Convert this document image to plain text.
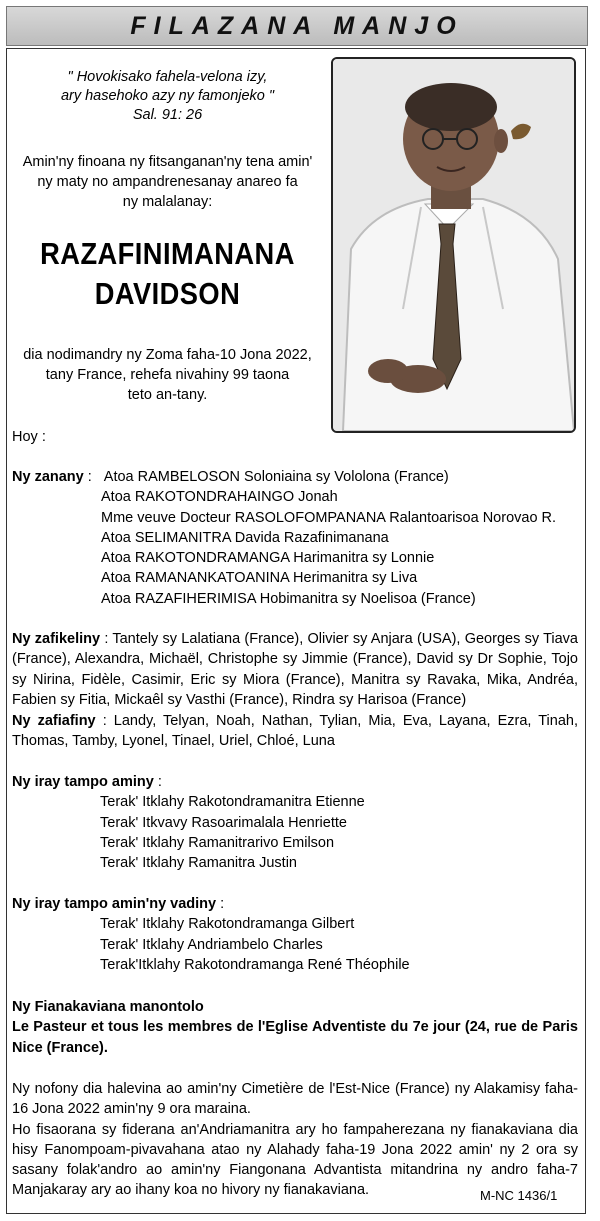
FILAZANA MANJO
" Hovokisako fahela-velona izy,
ary hasehoko azy ny famonjeko "
Sal. 91: 26
Amin'ny finoana ny fitsanganan'ny tena amin'
ny maty no ampandrenesanay anareo fa
ny malalanay:
RAZAFINIMANANA
DAVIDSON
dia nodimandry ny Zoma faha-10 Jona 2022,
tany France, rehefa nivahiny 99 taona
teto an-tany.
Hoy :
Ny zanany : Atoa RAMBELOSON Soloniaina sy Vololona (France)
Atoa RAKOTONDRAHAINGO Jonah
Mme veuve Docteur RASOLOFOMPANANA Ralantoarisoa Norovao R.
Atoa SELIMANITRA Davida Razafinimanana
Atoa RAKOTONDRAMANGA Harimanitra sy Lonnie
Atoa RAMANANKATOANINA Herimanitra sy Liva
Atoa RAZAFIHERIMISA Hobimanitra sy Noelisoa (France)
Ny zafikeliny : Tantely sy Lalatiana (France), Olivier sy Anjara (USA), Georges sy Tiava (France), Alexandra, Michaël, Christophe sy Jimmie (France), David sy Dr Sophie, Tojo sy Nirina, Fidèle, Casimir, Eric sy Miora (France), Manitra sy Ravaka, Mika, Andréa, Fabien sy Fitia, Mickaêl sy Vasthi (France), Rindra sy Harisoa (France)
Ny zafiafiny : Landy, Telyan, Noah, Nathan, Tylian, Mia, Eva, Layana, Ezra, Tinah, Thomas, Tamby, Lyonel, Tinael, Uriel, Chloé, Luna
Ny iray tampo aminy :
Terak' Itklahy Rakotondramanitra Etienne
Terak' Itkvavy Rasoarimalala Henriette
Terak' Itklahy Ramanitrarivo Emilson
Terak' Itklahy Ramanitra Justin
Ny iray tampo amin'ny vadiny :
Terak' Itklahy Rakotondramanga Gilbert
Terak' Itklahy Andriambelo Charles
Terak'Itklahy Rakotondramanga René Théophile
Ny Fianakaviana manontolo
Le Pasteur et tous les membres de l'Eglise Adventiste du 7e jour (24, rue de Paris Nice (France).
Ny nofony dia halevina ao amin'ny Cimetière de l'Est-Nice (France) ny Alakamisy faha-16 Jona 2022 amin'ny 9 ora maraina.
Ho fisaorana sy fiderana an'Andriamanitra ary ho fampaherezana ny fianakaviana dia hisy Fanompoam-pivavahana atao ny Alahady faha-19 Jona 2022 amin' ny 2 ora sy sasany folak'andro ao amin'ny Fiangonana Advantista mitandrina ny andro faha-7 Manjakaray ary ao ihany koa no hivory ny fianakaviana.	M-NC 1436/1
